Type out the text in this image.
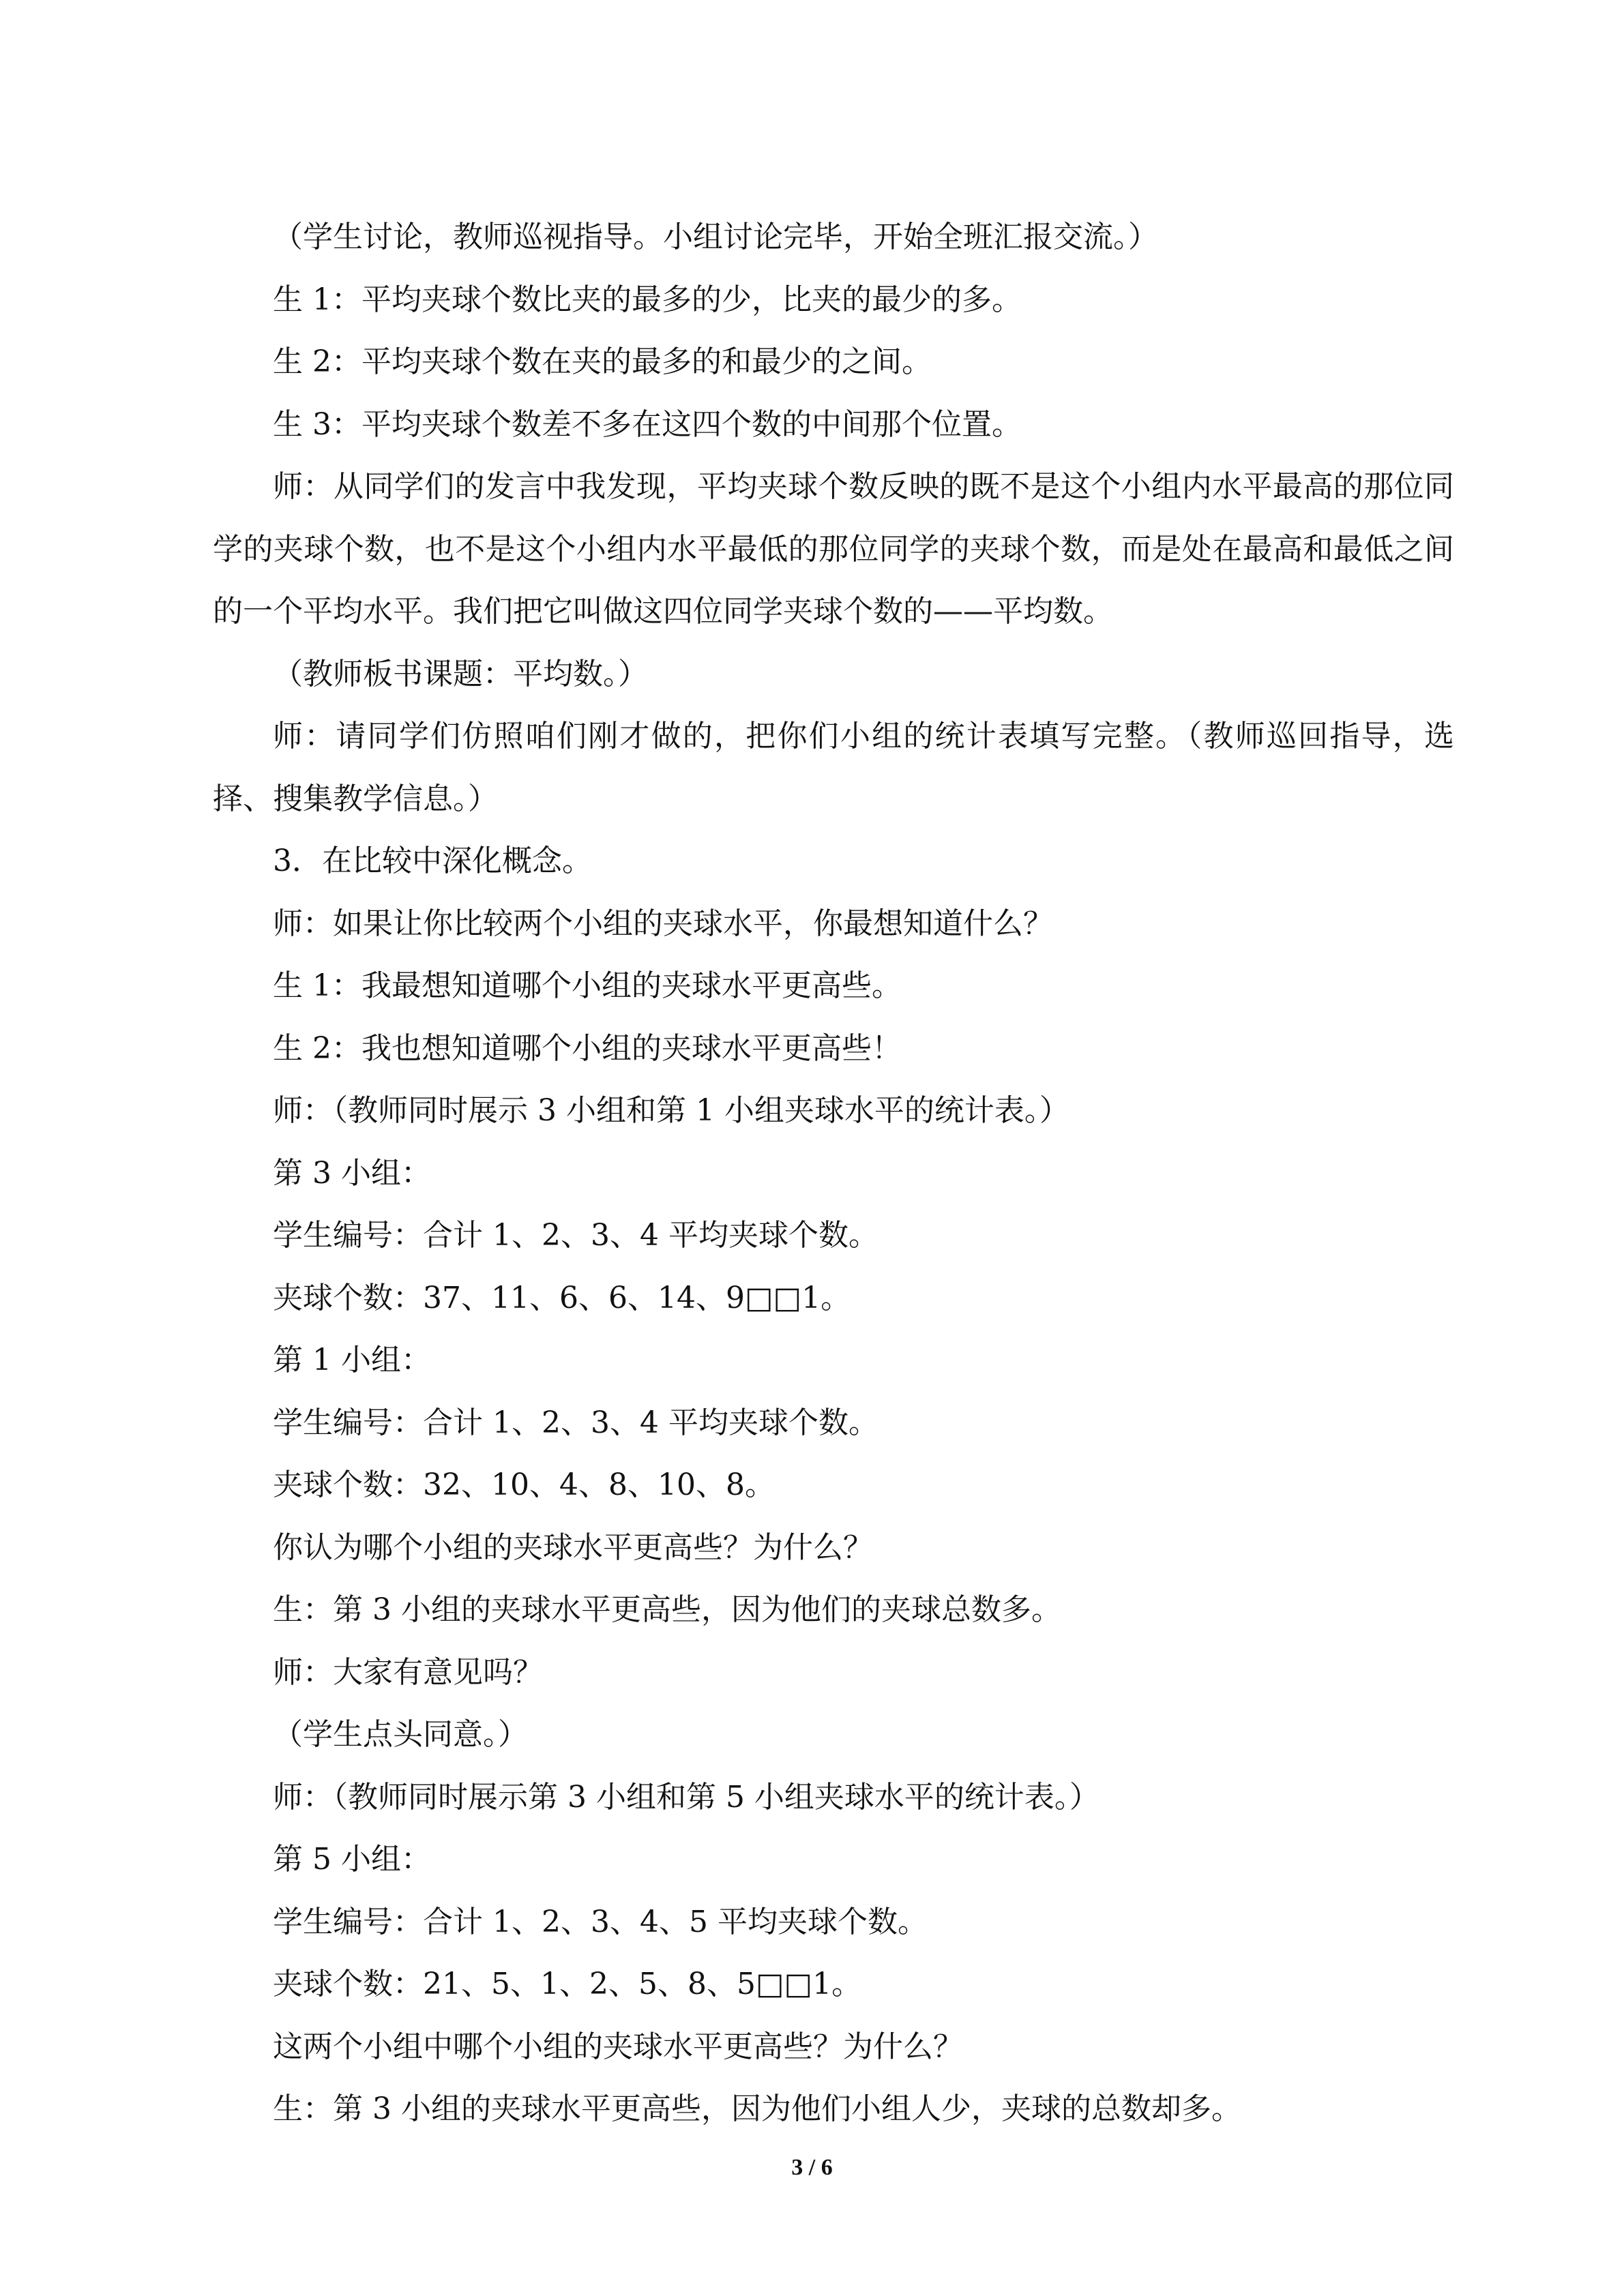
（学生讨论，教师巡视指导。小组讨论完毕，开始全班汇报交流。）

生 1：平均夹球个数比夹的最多的少，比夹的最少的多。

生 2：平均夹球个数在夹的最多的和最少的之间。

生 3：平均夹球个数差不多在这四个数的中间那个位置。

师：从同学们的发言中我发现，平均夹球个数反映的既不是这个小组内水平最高的那位同学的夹球个数，也不是这个小组内水平最低的那位同学的夹球个数，而是处在最高和最低之间的一个平均水平。我们把它叫做这四位同学夹球个数的——平均数。

（教师板书课题：平均数。）

师：请同学们仿照咱们刚才做的，把你们小组的统计表填写完整。（教师巡回指导，选择、搜集教学信息。）

3．在比较中深化概念。

师：如果让你比较两个小组的夹球水平，你最想知道什么？

生 1：我最想知道哪个小组的夹球水平更高些。

生 2：我也想知道哪个小组的夹球水平更高些！

师：（教师同时展示 3 小组和第 1 小组夹球水平的统计表。）

第 3 小组：

学生编号：合计 1、2、3、4 平均夹球个数。

夹球个数：37、11、6、6、14、9□□1。

第 1 小组：

学生编号：合计 1、2、3、4 平均夹球个数。

夹球个数：32、10、4、8、10、8。

你认为哪个小组的夹球水平更高些？为什么？

生：第 3 小组的夹球水平更高些，因为他们的夹球总数多。

师：大家有意见吗？

（学生点头同意。）

师：（教师同时展示第 3 小组和第 5 小组夹球水平的统计表。）

第 5 小组：

学生编号：合计 1、2、3、4、5 平均夹球个数。

夹球个数：21、5、1、2、5、8、5□□1。

这两个小组中哪个小组的夹球水平更高些？为什么？

生：第 3 小组的夹球水平更高些，因为他们小组人少，夹球的总数却多。

3 / 6
